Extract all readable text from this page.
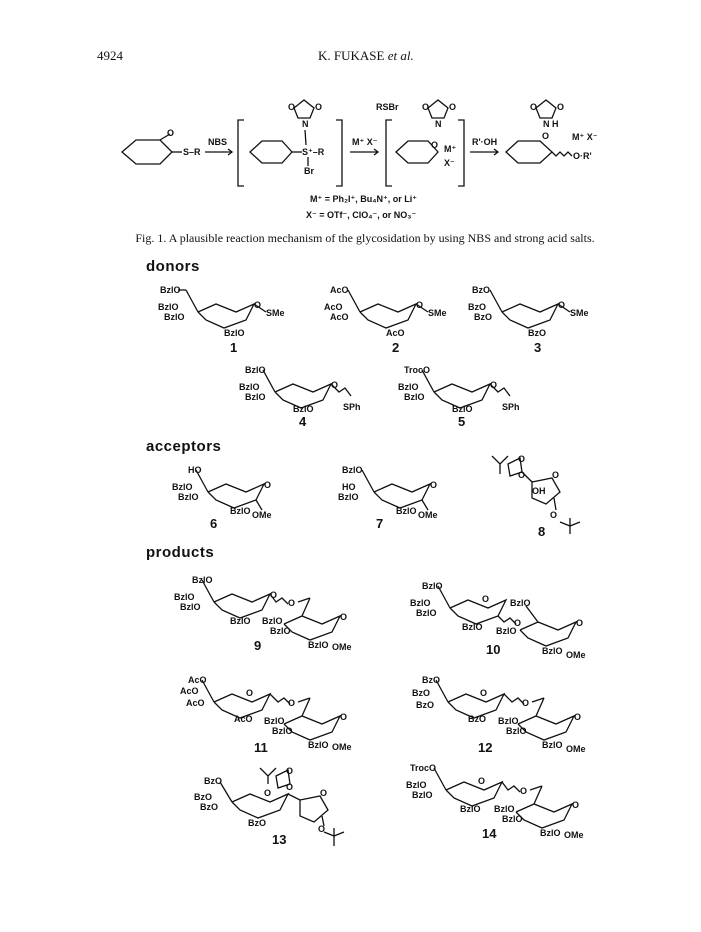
4924	K. FUKASE et al.
O
S–R
NBS
S⁺–R
Br
O O
N
M⁺ X⁻
RSBr
O M⁺
X⁻
O O
N
R'·OH
O
O·R'
M⁺ X⁻
O O
N H
M⁺ = Ph₂I⁺, Bu₄N⁺, or Li⁺
X⁻ = OTf⁻, ClO₄⁻, or NO₃⁻
Fig. 1. A plausible reaction mechanism of the glycosidation by using NBS and strong acid salts.
donors
acceptors
products
O
BzlO
BzlO
BzlO
BzlO
SMe
1
O
AcO
AcO
AcO
AcO
SMe
2
O
BzO
BzO
BzO
BzO
SMe
3
O
BzlO
BzlO
BzlO
BzlO	SPh
4
O
TrocO
BzlO
BzlO
BzlO	SPh
5
O
HO
BzlO
BzlO
BzlO OMe
6
O
BzlO
HO
BzlO
BzlO OMe
7
O
O	O
OH
O
8
O
O
O
BzlO
BzlO
BzlO
BzlO BzlO
BzlO
BzlO OMe
9
O
O	O
BzlO
BzlO
BzlO
BzlO
BzlO
BzlO
BzlO OMe
10
O
O
O
AcO
AcO
AcO
AcO BzlO
BzlO
BzlO OMe
11
O
O
O
BzO
BzO
BzO
BzO BzlO
BzlO
BzlO OMe
12
O
O
O
O
O
BzO
BzO
BzO
BzO
13
O
O
O
TrocO
BzlO
BzlO
BzlO BzlO
BzlO
BzlO OMe
14
